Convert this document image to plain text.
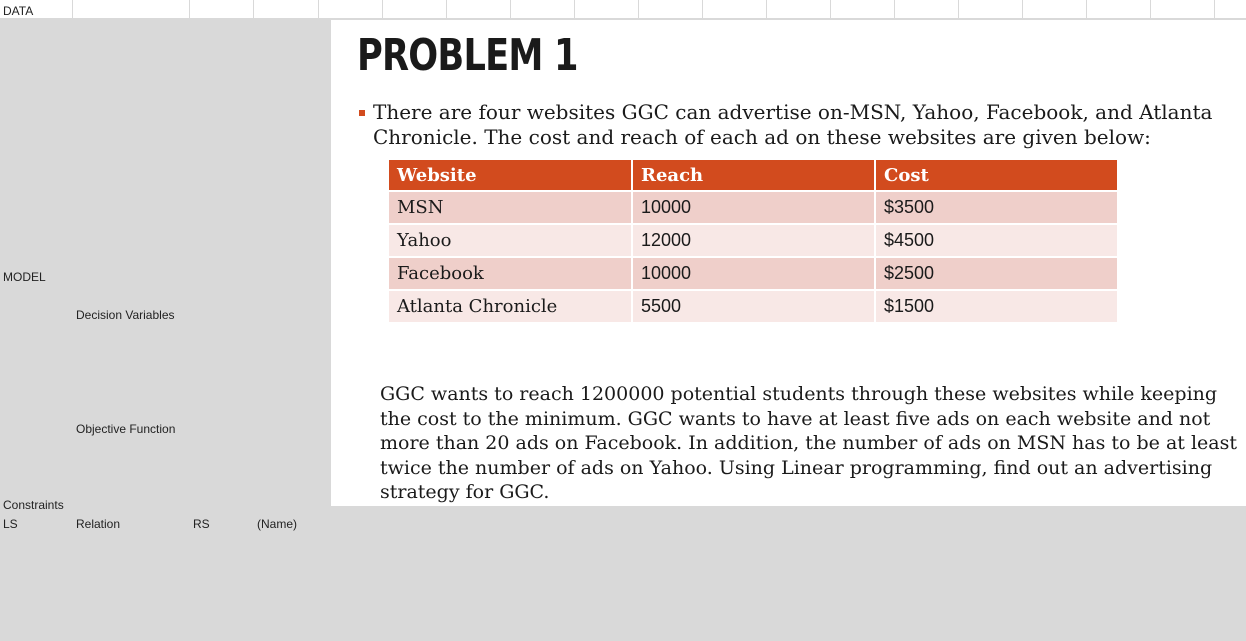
DATA
MODEL
Decision Variables
Objective Function
Constraints
LS	Relation	RS	(Name)
PROBLEM 1
There are four websites GGC can advertise on-MSN, Yahoo, Facebook, and Atlanta Chronicle. The cost and reach of each ad on these websites are given below:
Website	Reach	Cost
MSN	10000	$3500
Yahoo	12000	$4500
Facebook	10000	$2500
Atlanta Chronicle	5500	$1500
GGC wants to reach 1200000 potential students through these websites while keeping the cost to the minimum. GGC wants to have at least five ads on each website and not more than 20 ads on Facebook. In addition, the number of ads on MSN has to be at least twice the number of ads on Yahoo. Using Linear programming, find out an advertising strategy for GGC.
